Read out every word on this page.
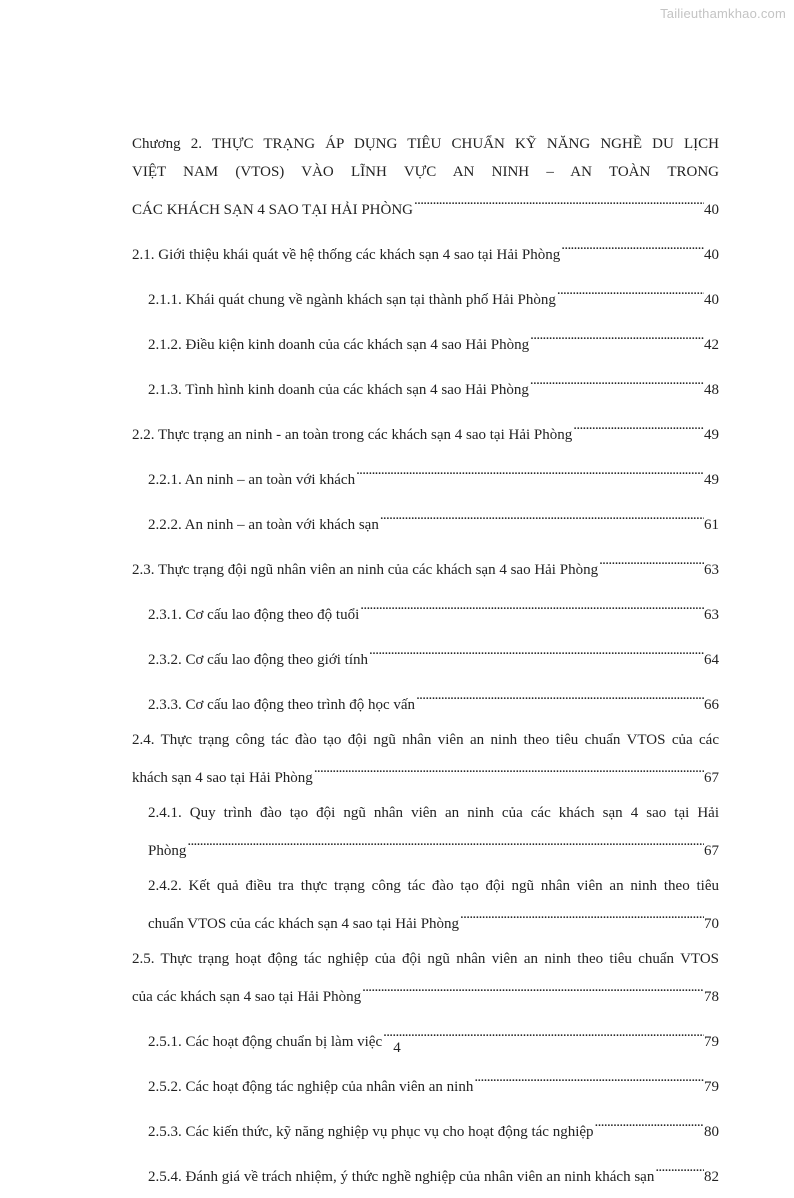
Tailieuthamkhao.com
Chương 2. THỰC TRẠNG ÁP DỤNG TIÊU CHUẨN KỸ NĂNG NGHỀ DU LỊCH
VIỆT NAM (VTOS) VÀO LĨNH VỰC AN NINH – AN TOÀN TRONG
CÁC KHÁCH SẠN 4 SAO TẠI HẢI PHÒNG . . .	40
2.1. Giới thiệu khái quát về hệ thống các khách sạn 4 sao tại Hải Phòng . . .	40
2.1.1. Khái quát chung về ngành khách sạn tại thành phố Hải Phòng . . .	40
2.1.2. Điều kiện kinh doanh của các khách sạn 4 sao Hải Phòng . . .	42
2.1.3. Tình hình kinh doanh của các khách sạn 4 sao Hải Phòng . . .	48
2.2. Thực trạng an ninh - an toàn trong các khách sạn 4 sao tại Hải Phòng . . .	49
2.2.1. An ninh – an toàn với khách . . .	49
2.2.2. An ninh – an toàn với khách sạn . . .	61
2.3. Thực trạng đội ngũ nhân viên an ninh của các khách sạn 4 sao Hải Phòng . . .	63
2.3.1. Cơ cấu lao động theo độ tuổi . . .	63
2.3.2. Cơ cấu lao động theo giới tính . . .	64
2.3.3. Cơ cấu lao động theo trình độ học vấn . . .	66
2.4. Thực trạng công tác đào tạo đội ngũ nhân viên an ninh theo tiêu chuẩn VTOS của các
khách sạn 4 sao tại Hải Phòng . . .	67
2.4.1. Quy trình đào tạo đội ngũ nhân viên an ninh của các khách sạn 4 sao tại Hải
Phòng . . .	67
2.4.2. Kết quả điều tra thực trạng công tác đào tạo đội ngũ nhân viên an ninh theo tiêu
chuẩn VTOS của các khách sạn 4 sao tại Hải Phòng . . .	70
2.5. Thực trạng hoạt động tác nghiệp của đội ngũ nhân viên an ninh theo tiêu chuẩn VTOS
của các khách sạn 4 sao tại Hải Phòng . . .	78
2.5.1. Các hoạt động chuẩn bị làm việc . . .	79
2.5.2. Các hoạt động tác nghiệp của nhân viên an ninh . . .	79
2.5.3. Các kiến thức, kỹ năng nghiệp vụ phục vụ cho hoạt động tác nghiệp . . .	80
2.5.4. Đánh giá về trách nhiệm, ý thức nghề nghiệp của nhân viên an ninh khách sạn . . .	82
4
